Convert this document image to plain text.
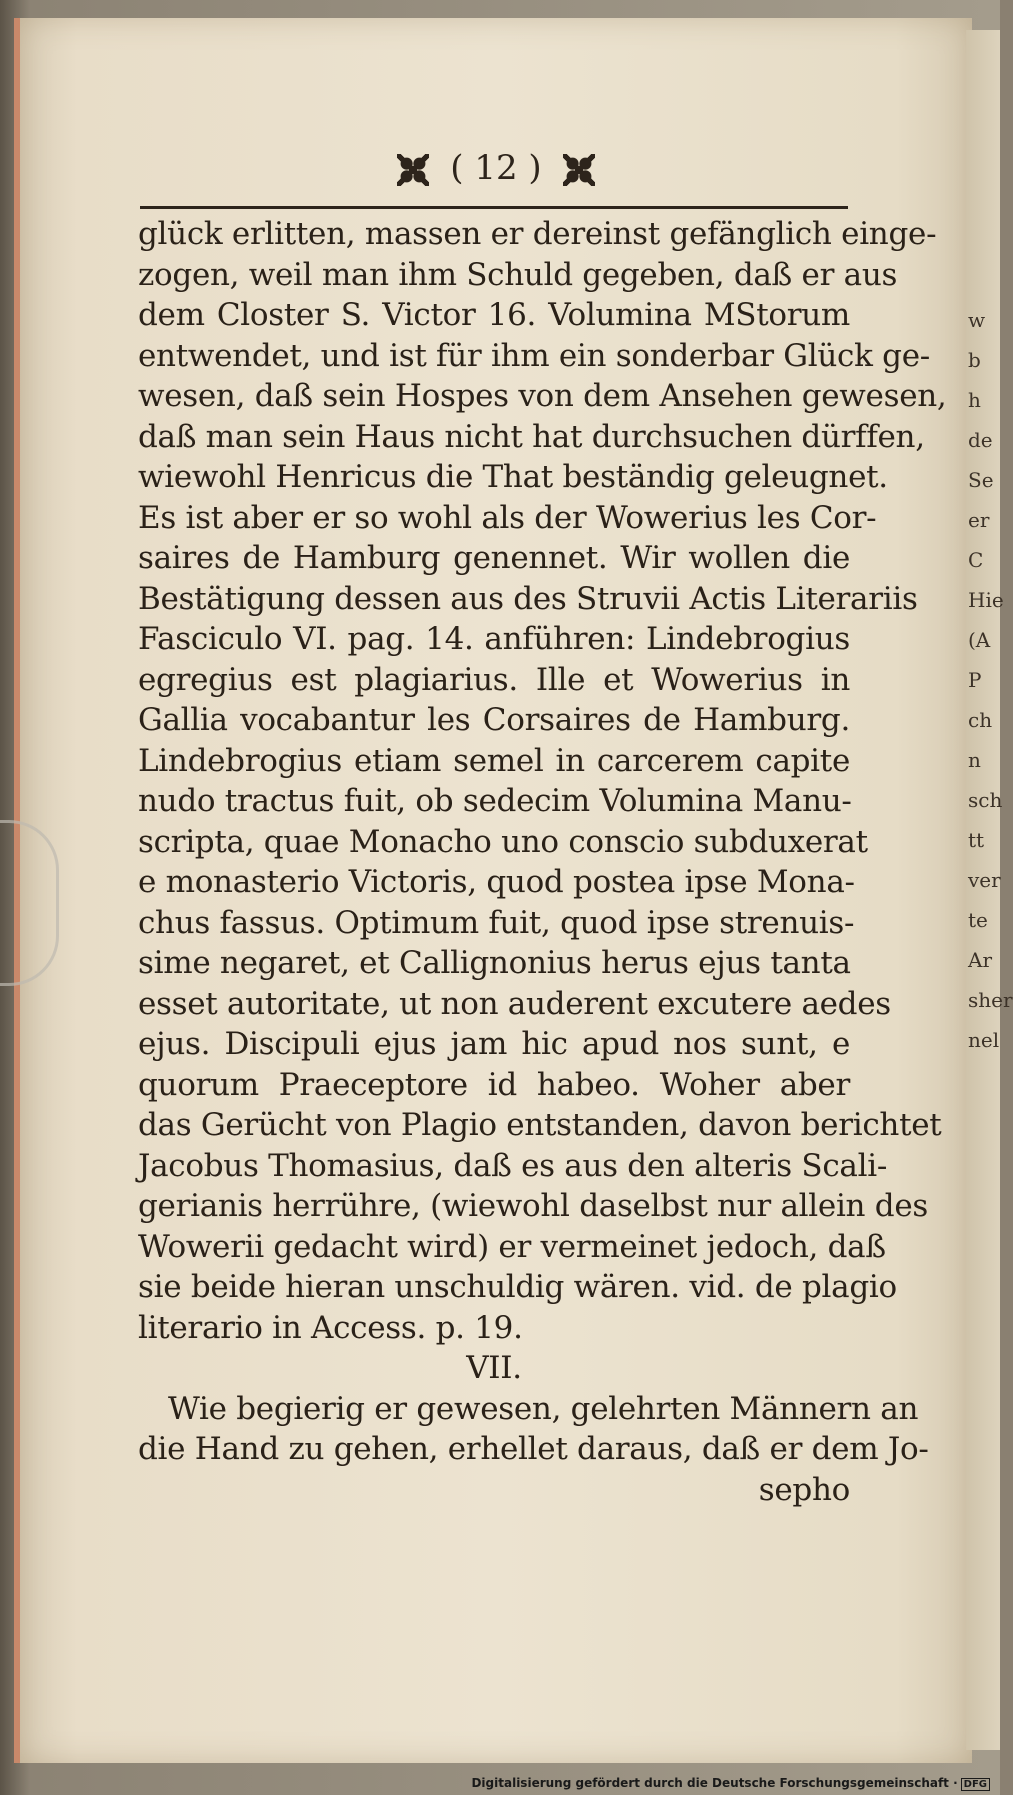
( 12 )
glück erlitten, massen er dereinst gefänglich einge-
zogen, weil man ihm Schuld gegeben, daß er aus
dem Closter S. Victor 16. Volumina MStorum
entwendet, und ist für ihm ein sonderbar Glück ge-
wesen, daß sein Hospes von dem Ansehen gewesen,
daß man sein Haus nicht hat durchsuchen dürffen,
wiewohl Henricus die That beständig geleugnet.
Es ist aber er so wohl als der Wowerius les Cor-
saires de Hamburg genennet. Wir wollen die
Bestätigung dessen aus des Struvii Actis Literariis
Fasciculo VI. pag. 14. anführen: Lindebrogius
egregius est plagiarius. Ille et Wowerius in
Gallia vocabantur les Corsaires de Hamburg.
Lindebrogius etiam semel in carcerem capite
nudo tractus fuit, ob sedecim Volumina Manu-
scripta, quae Monacho uno conscio subduxerat
e monasterio Victoris, quod postea ipse Mona-
chus fassus. Optimum fuit, quod ipse strenuis-
sime negaret, et Callignonius herus ejus tanta
esset autoritate, ut non auderent excutere aedes
ejus. Discipuli ejus jam hic apud nos sunt, e
quorum Praeceptore id habeo. Woher aber
das Gerücht von Plagio entstanden, davon berichtet
Jacobus Thomasius, daß es aus den alteris Scali-
gerianis herrühre, (wiewohl daselbst nur allein des
Wowerii gedacht wird) er vermeinet jedoch, daß
sie beide hieran unschuldig wären. vid. de plagio
literario in Access. p. 19.
VII.
Wie begierig er gewesen, gelehrten Männern an
die Hand zu gehen, erhellet daraus, daß er dem Jo-
sepho
w
b
h
de
Se
er
C
Hie
(A
P
ch
n
sch
tt
ver
te
Ar
sher
nel
Digitalisierung gefördert durch die Deutsche Forschungsgemeinschaft · DFG
